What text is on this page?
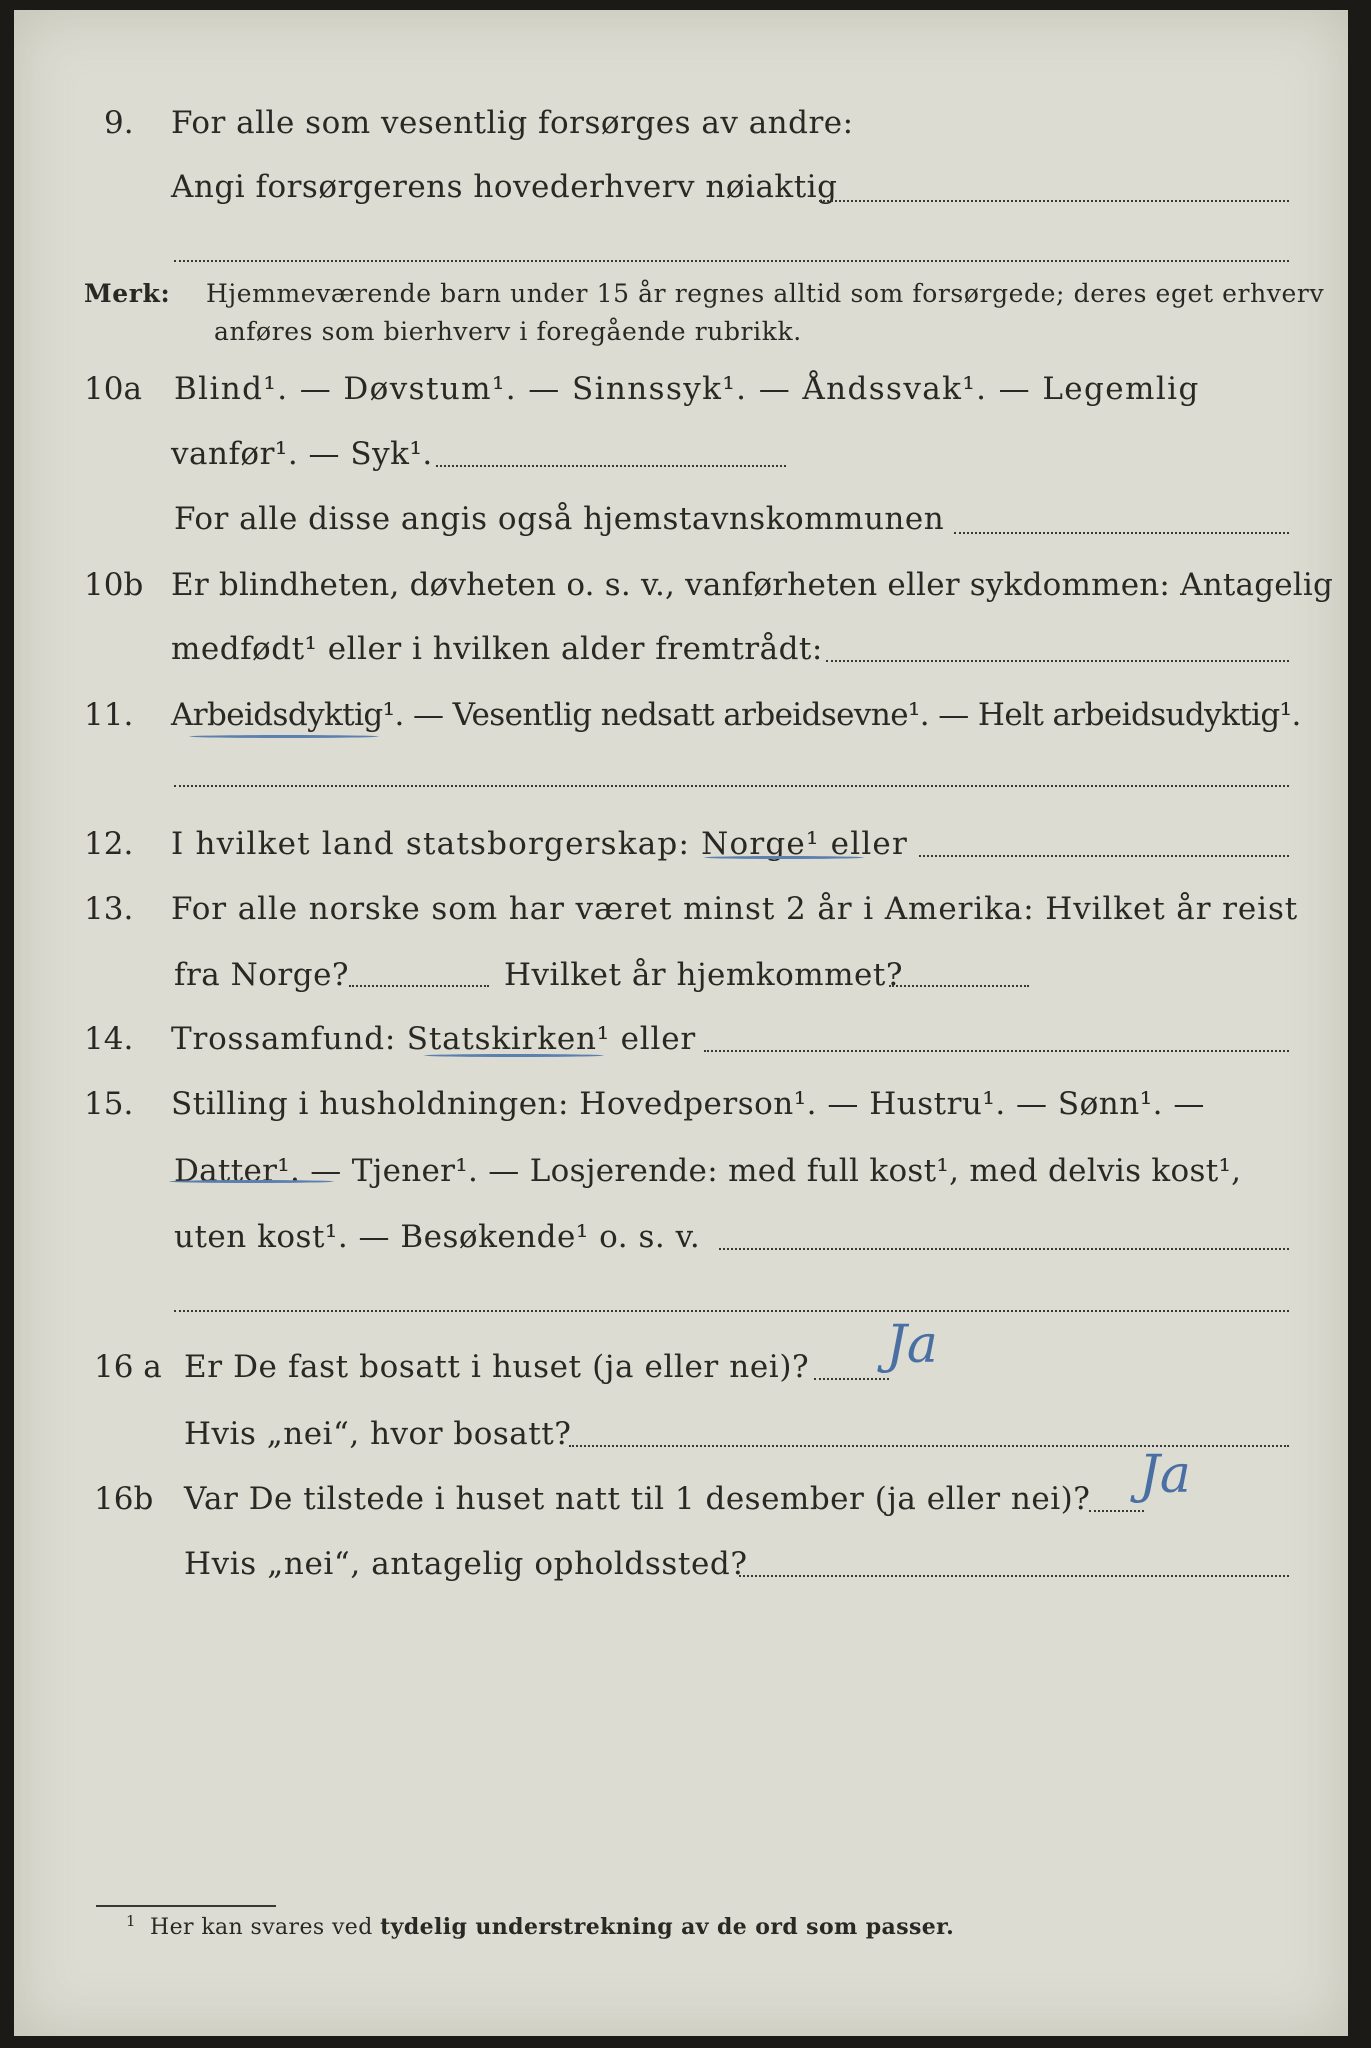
9. For alle som vesentlig forsørges av andre:
Angi forsørgerens hovederhverv nøiaktig
Merk: Hjemmeværende barn under 15 år regnes alltid som forsørgede; deres eget erhverv
anføres som bierhverv i foregående rubrikk.
10a Blind¹. — Døvstum¹. — Sinnssyk¹. — Åndssvak¹. — Legemlig
vanfør¹. — Syk¹.
For alle disse angis også hjemstavnskommunen
10b Er blindheten, døvheten o. s. v., vanførheten eller sykdommen: Antagelig
medfødt¹ eller i hvilken alder fremtrådt:
11. Arbeidsdyktig¹. — Vesentlig nedsatt arbeidsevne¹. — Helt arbeidsudyktig¹.
12. I hvilket land statsborgerskap: Norge¹ eller
13. For alle norske som har været minst 2 år i Amerika: Hvilket år reist
fra Norge?	Hvilket år hjemkommet?
14. Trossamfund: Statskirken¹ eller
15. Stilling i husholdningen: Hovedperson¹. — Hustru¹. — Sønn¹. —
Datter¹. — Tjener¹. — Losjerende: med full kost¹, med delvis kost¹,
uten kost¹. — Besøkende¹ o. s. v.
16 a Er De fast bosatt i huset (ja eller nei)? Ja
Hvis „nei“, hvor bosatt?
16b Var De tilstede i huset natt til 1 desember (ja eller nei)? Ja
Hvis „nei“, antagelig opholdssted?
1 Her kan svares ved tydelig understrekning av de ord som passer.
